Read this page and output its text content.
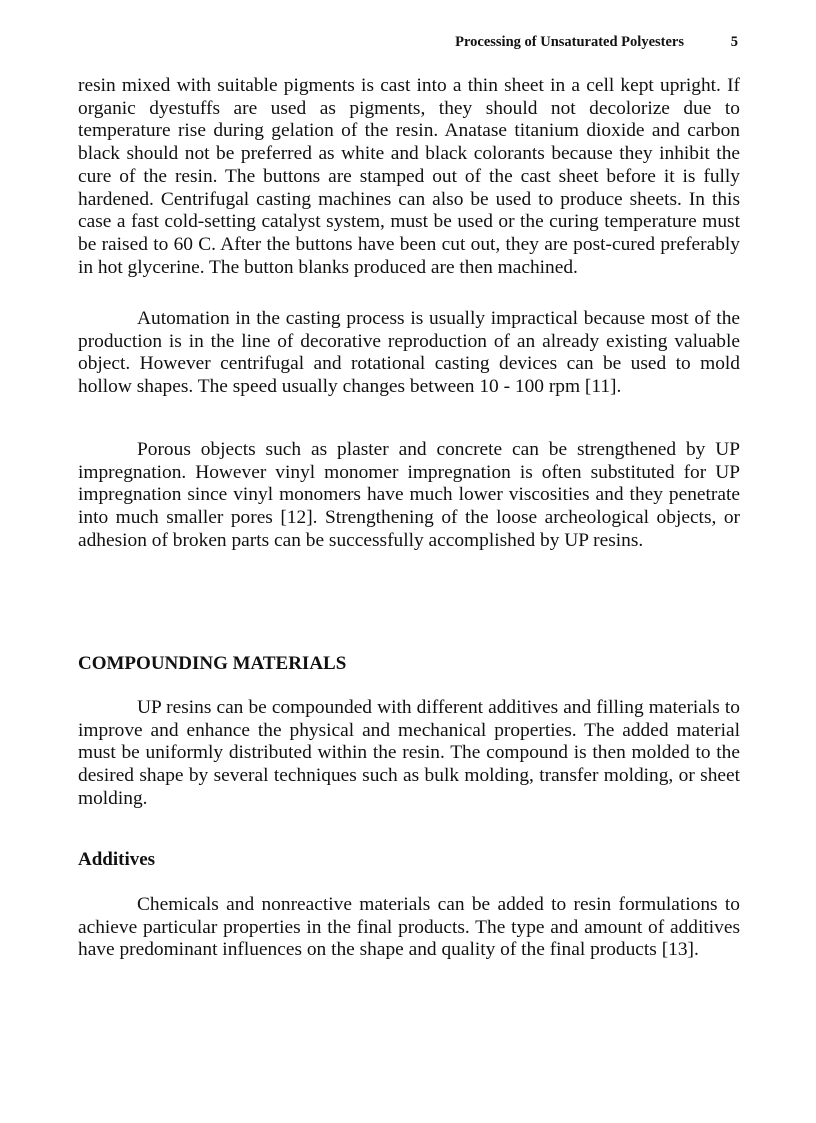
Processing of Unsaturated Polyesters	5

resin mixed with suitable pigments is cast into a thin sheet in a cell kept upright. If organic dyestuffs are used as pigments, they should not decolorize due to temperature rise during gelation of the resin. Anatase titanium dioxide and carbon black should not be preferred as white and black colorants because they inhibit the cure of the resin. The buttons are stamped out of the cast sheet before it is fully hardened. Centrifugal casting machines can also be used to produce sheets. In this case a fast cold-setting catalyst system, must be used or the curing temperature must be raised to 60 C. After the buttons have been cut out, they are post-cured preferably in hot glycerine. The button blanks produced are then machined.

Automation in the casting process is usually impractical because most of the production is in the line of decorative reproduction of an already existing valuable object. However centrifugal and rotational casting devices can be used to mold hollow shapes. The speed usually changes between 10 - 100 rpm [11].

Porous objects such as plaster and concrete can be strengthened by UP impregnation. However vinyl monomer impregnation is often substituted for UP impregnation since vinyl monomers have much lower viscosities and they penetrate into much smaller pores [12]. Strengthening of the loose archeological objects, or adhesion of broken parts can be successfully accomplished by UP resins.

COMPOUNDING MATERIALS

UP resins can be compounded with different additives and filling materials to improve and enhance the physical and mechanical properties. The added material must be uniformly distributed within the resin. The compound is then molded to the desired shape by several techniques such as bulk molding, transfer molding, or sheet molding.

Additives

Chemicals and nonreactive materials can be added to resin formulations to achieve particular properties in the final products. The type and amount of additives have predominant influences on the shape and quality of the final products [13].
